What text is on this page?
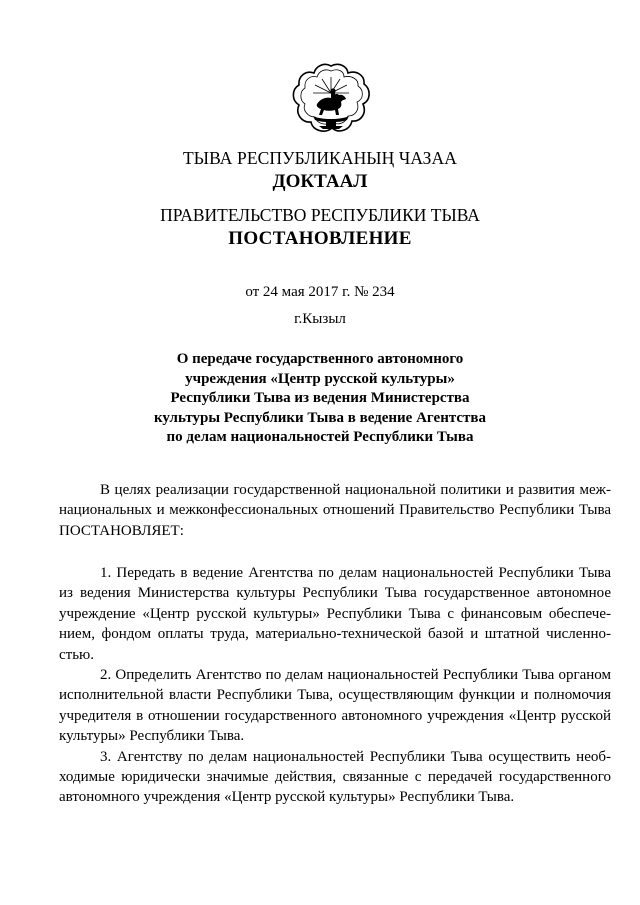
ТЫВА РЕСПУБЛИКАНЫҢ ЧАЗАА
ДОКТААЛ
ПРАВИТЕЛЬСТВО РЕСПУБЛИКИ ТЫВА
ПОСТАНОВЛЕНИЕ
от 24 мая 2017 г. № 234
г.Кызыл
О передаче государственного автономного
учреждения «Центр русской культуры»
Республики Тыва из ведения Министерства
культуры Республики Тыва в ведение Агентства
по делам национальностей Республики Тыва

В целях реализации государственной национальной политики и развития межнациональных и межконфессиональных отношений Правительство Республики Тыва ПОСТАНОВЛЯЕТ:

1. Передать в ведение Агентства по делам национальностей Республики Тыва из ведения Министерства культуры Республики Тыва государственное автономное учреждение «Центр русской культуры» Республики Тыва с финансовым обеспечением, фондом оплаты труда, материально-технической базой и штатной численностью.

2. Определить Агентство по делам национальностей Республики Тыва органом исполнительной власти Республики Тыва, осуществляющим функции и полномочия учредителя в отношении государственного автономного учреждения «Центр русской культуры» Республики Тыва.

3. Агентству по делам национальностей Республики Тыва осуществить необходимые юридически значимые действия, связанные с передачей государственного автономного учреждения «Центр русской культуры» Республики Тыва.
